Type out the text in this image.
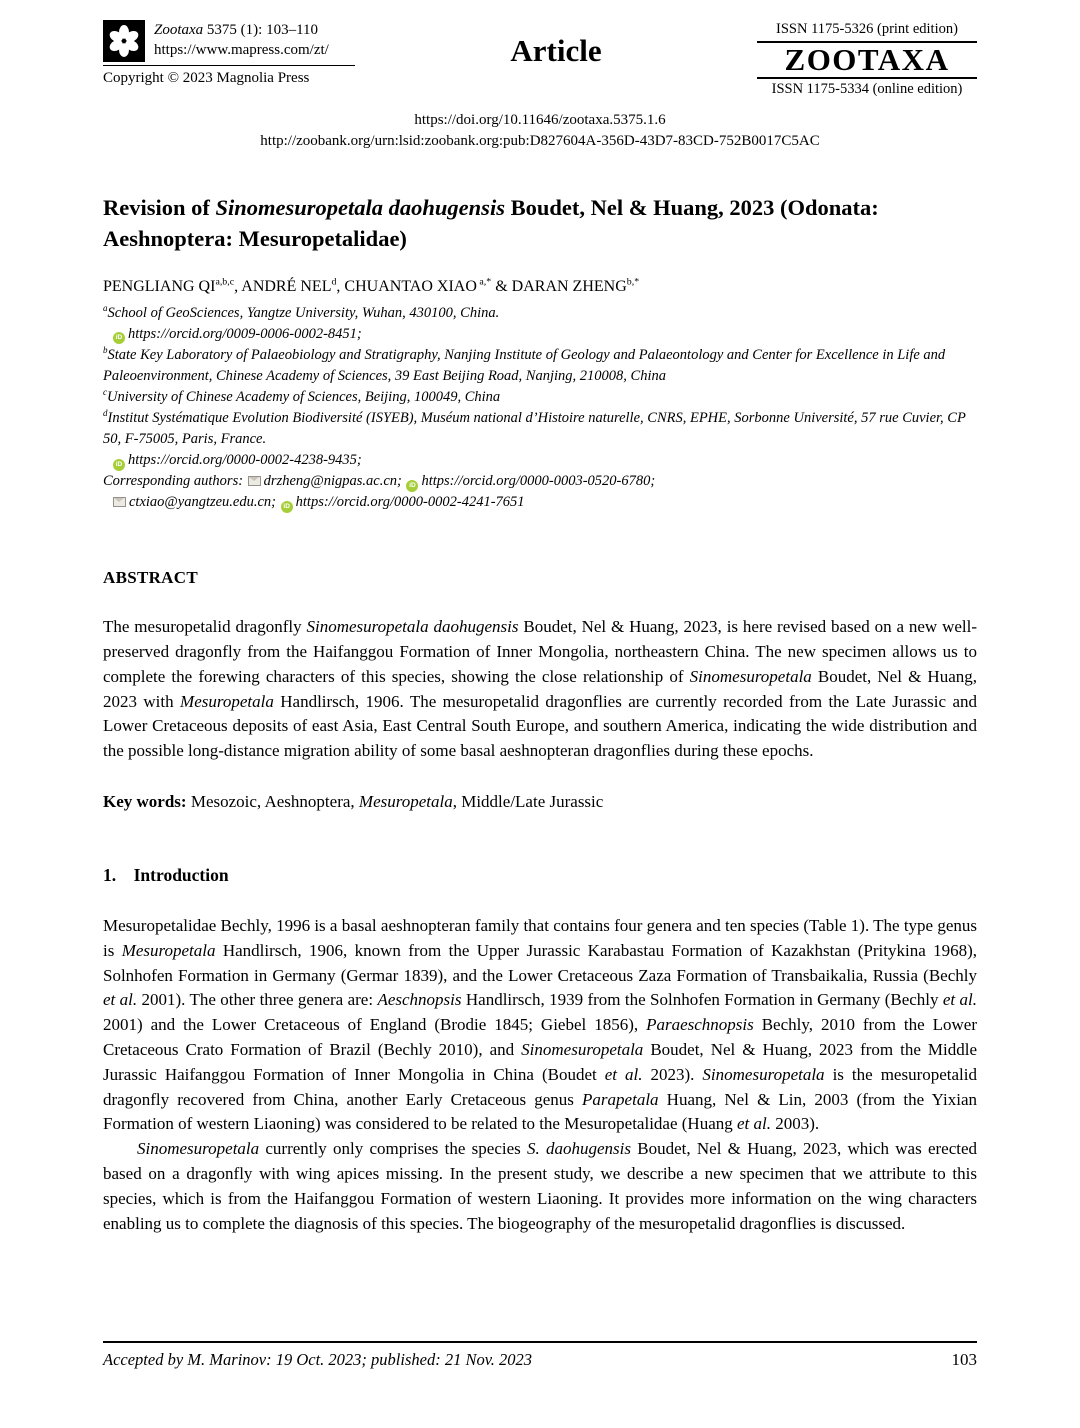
Zootaxa 5375 (1): 103–110
https://www.mapress.com/zt/
Copyright © 2023 Magnolia Press
Article
ISSN 1175-5326 (print edition)
ZOOTAXA
ISSN 1175-5334 (online edition)
https://doi.org/10.11646/zootaxa.5375.1.6
http://zoobank.org/urn:lsid:zoobank.org:pub:D827604A-356D-43D7-83CD-752B0017C5AC
Revision of Sinomesuropetala daohugensis Boudet, Nel & Huang, 2023 (Odonata: Aeshnoptera: Mesuropetalidae)
PENGLIANG QI$^{a,b,c}$, ANDRÉ NEL$^d$, CHUANTAO XIAO $^{a,*}$ & DARAN $ZHENG^{b,*}$

$^a$School of GeoSciences, Yangtze University, Wuhan, 430100, China.

iD https://orcid.org/0009-0006-0002-8451;

$^b$State Key Laboratory of Palaeobiology and Stratigraphy, Nanjing Institute of Geology and Palaeontology and Center for Excellence in Life and Paleoenvironment, Chinese Academy of Sciences, 39 East Beijing Road, Nanjing, 210008, China

$^c$University of Chinese Academy of Sciences, Beijing, 100049, China

$^d$Institut Systématique Evolution Biodiversité (ISYEB), Muséum national d’Histoire naturelle, CNRS, EPHE, Sorbonne Université, 57 rue Cuvier, CP 50, F-75005, Paris, France.

iD https://orcid.org/0000-0002-4238-9435;

Corresponding authors: drzheng@nigpas.ac.cn; iD https://orcid.org/0000-0003-0520-6780;

ctxiao@yangtzeu.edu.cn; iD https://orcid.org/0000-0002-4241-7651

ABSTRACT

The mesuropetalid dragonfly Sinomesuropetala daohugensis Boudet, Nel & Huang, 2023, is here revised based on a new well-preserved dragonfly from the Haifanggou Formation of Inner Mongolia, northeastern China. The new specimen allows us to complete the forewing characters of this species, showing the close relationship of Sinomesuropetala Boudet, Nel & Huang, 2023 with Mesuropetala Handlirsch, 1906. The mesuropetalid dragonflies are currently recorded from the Late Jurassic and Lower Cretaceous deposits of east Asia, East Central South Europe, and southern America, indicating the wide distribution and the possible long-distance migration ability of some basal aeshnopteran dragonflies during these epochs.

Key words: Mesozoic, Aeshnoptera, Mesuropetala, Middle/Late Jurassic

1. Introduction

Mesuropetalidae Bechly, 1996 is a basal aeshnopteran family that contains four genera and ten species (Table 1). The type genus is Mesuropetala Handlirsch, 1906, known from the Upper Jurassic Karabastau Formation of Kazakhstan (Pritykina 1968), Solnhofen Formation in Germany (Germar 1839), and the Lower Cretaceous Zaza Formation of Transbaikalia, Russia (Bechly et al. 2001). The other three genera are: Aeschnopsis Handlirsch, 1939 from the Solnhofen Formation in Germany (Bechly et al. 2001) and the Lower Cretaceous of England (Brodie 1845; Giebel 1856), Paraeschnopsis Bechly, 2010 from the Lower Cretaceous Crato Formation of Brazil (Bechly 2010), and Sinomesuropetala Boudet, Nel & Huang, 2023 from the Middle Jurassic Haifanggou Formation of Inner Mongolia in China (Boudet et al. 2023). Sinomesuropetala is the mesuropetalid dragonfly recovered from China, another Early Cretaceous genus Parapetala Huang, Nel & Lin, 2003 (from the Yixian Formation of western Liaoning) was considered to be related to the Mesuropetalidae (Huang et al. 2003).

Sinomesuropetala currently only comprises the species S. daohugensis Boudet, Nel & Huang, 2023, which was erected based on a dragonfly with wing apices missing. In the present study, we describe a new specimen that we attribute to this species, which is from the Haifanggou Formation of western Liaoning. It provides more information on the wing characters enabling us to complete the diagnosis of this species. The biogeography of the mesuropetalid dragonflies is discussed.

Accepted by M. Marinov: 19 Oct. 2023; published: 21 Nov. 2023	103
